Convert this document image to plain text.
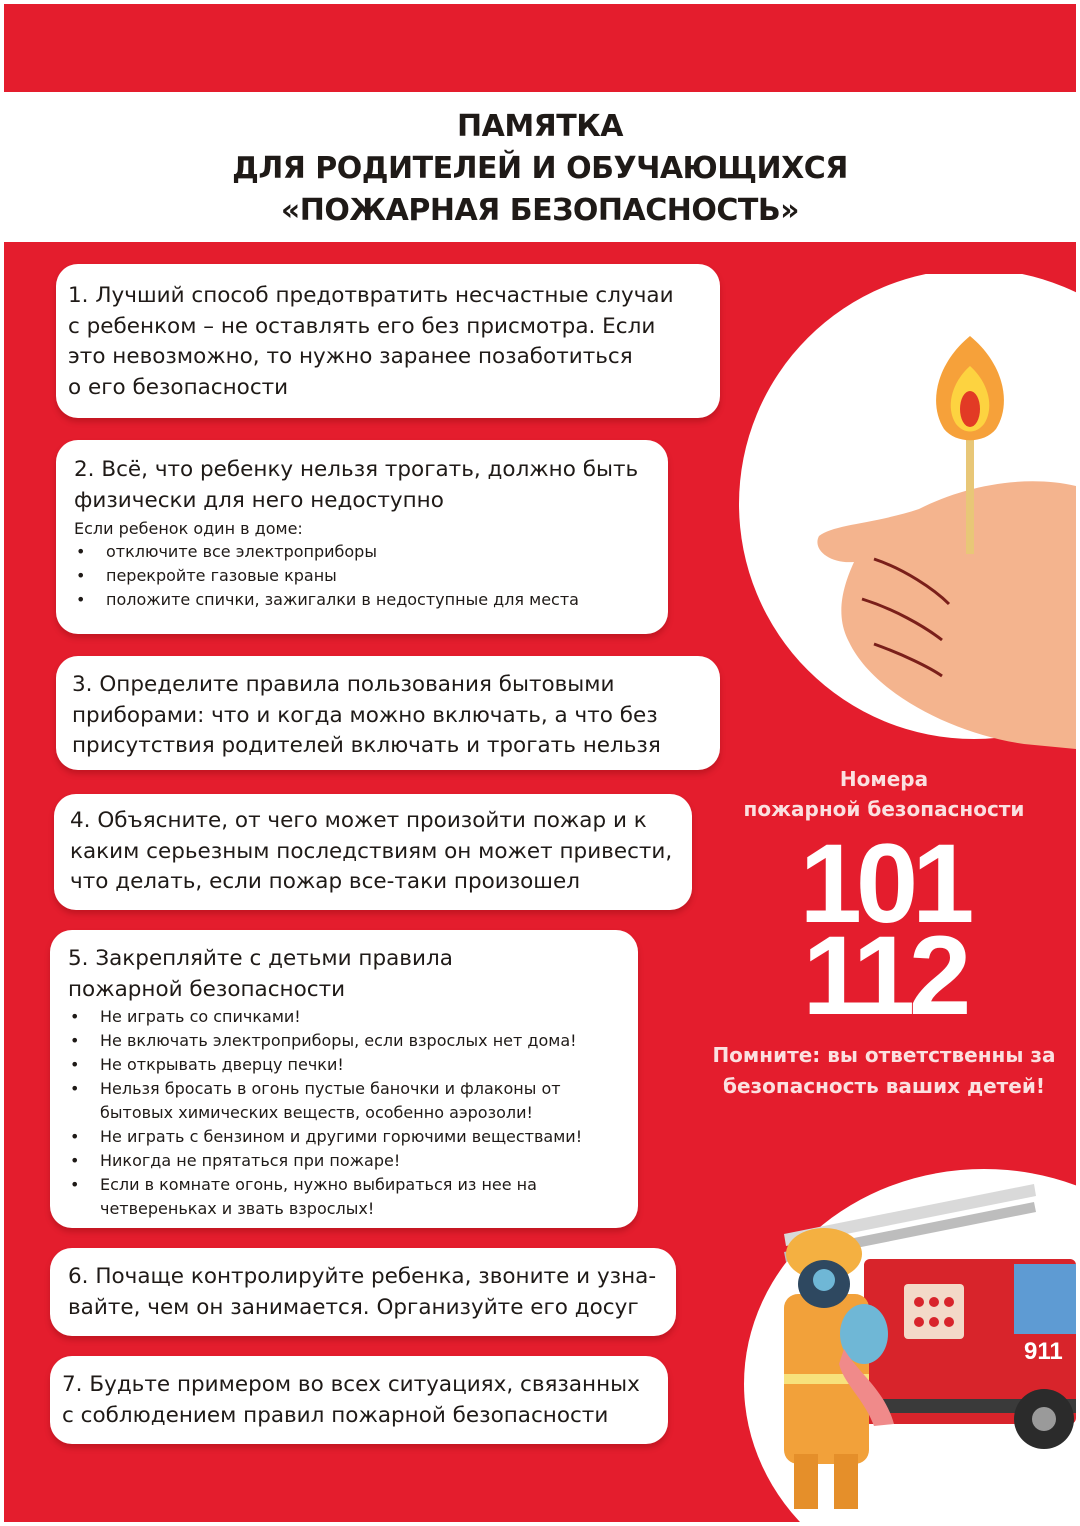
ПАМЯТКА
ДЛЯ РОДИТЕЛЕЙ И ОБУЧАЮЩИХСЯ
«ПОЖАРНАЯ БЕЗОПАСНОСТЬ»
911
1. Лучший способ предотвратить несчастные случаи
с ребенком – не оставлять его без присмотра. Если
это невозможно, то нужно заранее позаботиться
о его безопасности
2. Всё, что ребенку нельзя трогать, должно быть
физически для него недоступно
Если ребенок один в доме:
• отключите все электроприборы
• перекройте газовые краны
• положите спички, зажигалки в недоступные для места
3. Определите правила пользования бытовыми
приборами: что и когда можно включать, а что без
присутствия родителей включать и трогать нельзя
4. Объясните, от чего может произойти пожар и к
каким серьезным последствиям он может привести,
что делать, если пожар все-таки произошел
5. Закрепляйте с детьми правила
пожарной безопасности
• Не играть со спичками!
• Не включать электроприборы, если взрослых нет дома!
• Не открывать дверцу печки!
• Нельзя бросать в огонь пустые баночки и флаконы от бытовых химических веществ, особенно аэрозоли!
• Не играть с бензином и другими горючими веществами!
• Никогда не прятаться при пожаре!
• Если в комнате огонь, нужно выбираться из нее на четвереньках и звать взрослых!
6. Почаще контролируйте ребенка, звоните и узна-
вайте, чем он занимается. Организуйте его досуг
7. Будьте примером во всех ситуациях, связанных
с соблюдением правил пожарной безопасности
Номера
пожарной безопасности
101
112
Помните: вы ответственны за
безопасность ваших детей!
